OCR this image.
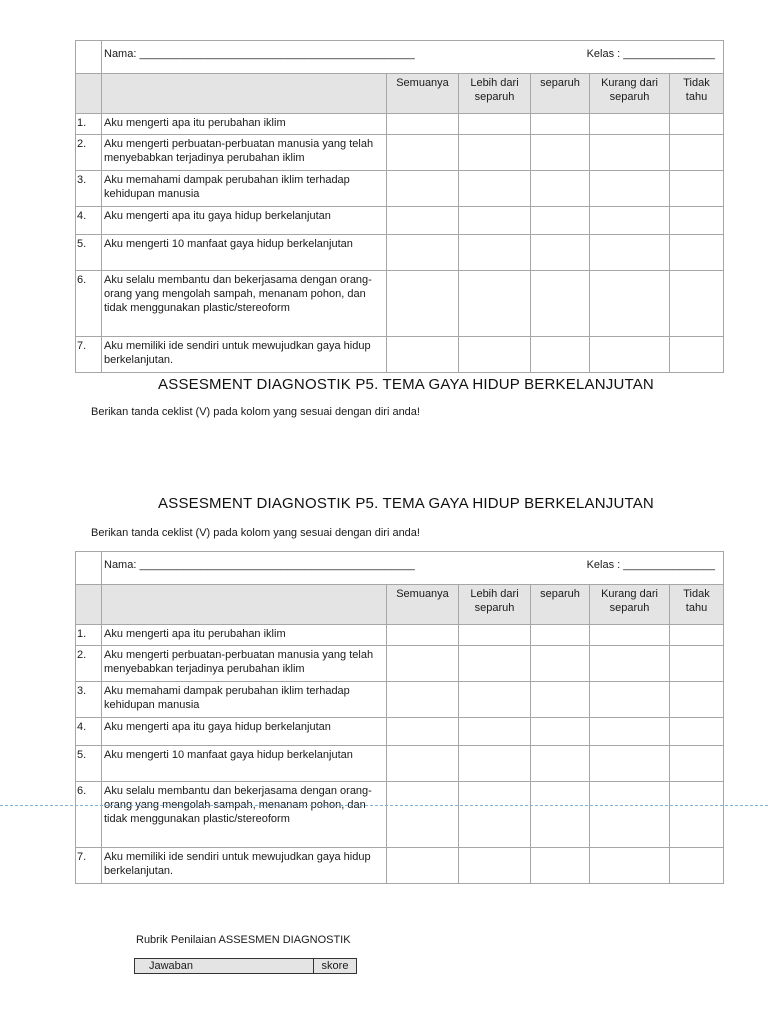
	Nama: _____________________________________________ Kelas : _______________					

		Semuanya	Lebih dari separuh	separuh	Kurang dari separuh	Tidak tahu
1.	Aku mengerti apa itu perubahan iklim					
2.	Aku mengerti perbuatan-perbuatan manusia yang telah menyebabkan terjadinya perubahan iklim					
3.	Aku memahami dampak perubahan iklim terhadap kehidupan manusia					
4.	Aku mengerti apa itu gaya hidup berkelanjutan					
5.	Aku mengerti 10 manfaat gaya hidup berkelanjutan					
6.	Aku selalu membantu dan bekerjasama dengan orang-orang yang mengolah sampah, menanam pohon, dan tidak menggunakan plastic/stereoform					
7.	Aku memiliki ide sendiri untuk mewujudkan gaya hidup berkelanjutan.					
ASSESMENT DIAGNOSTIK P5. TEMA GAYA HIDUP BERKELANJUTAN
Berikan tanda ceklist (V) pada kolom yang sesuai dengan diri anda!
ASSESMENT DIAGNOSTIK P5. TEMA GAYA HIDUP BERKELANJUTAN
Berikan tanda ceklist (V) pada kolom yang sesuai dengan diri anda!

	Nama: _____________________________________________ Kelas : _______________					

		Semuanya	Lebih dari separuh	separuh	Kurang dari separuh	Tidak tahu
1.	Aku mengerti apa itu perubahan iklim					
2.	Aku mengerti perbuatan-perbuatan manusia yang telah menyebabkan terjadinya perubahan iklim					
3.	Aku memahami dampak perubahan iklim terhadap kehidupan manusia					
4.	Aku mengerti apa itu gaya hidup berkelanjutan					
5.	Aku mengerti 10 manfaat gaya hidup berkelanjutan					
6.	Aku selalu membantu dan bekerjasama dengan orang-orang yang mengolah sampah, menanam pohon, dan tidak menggunakan plastic/stereoform					
7.	Aku memiliki ide sendiri untuk mewujudkan gaya hidup berkelanjutan.					
Rubrik Penilaian ASSESMEN DIAGNOSTIK
Jawaban	skore
